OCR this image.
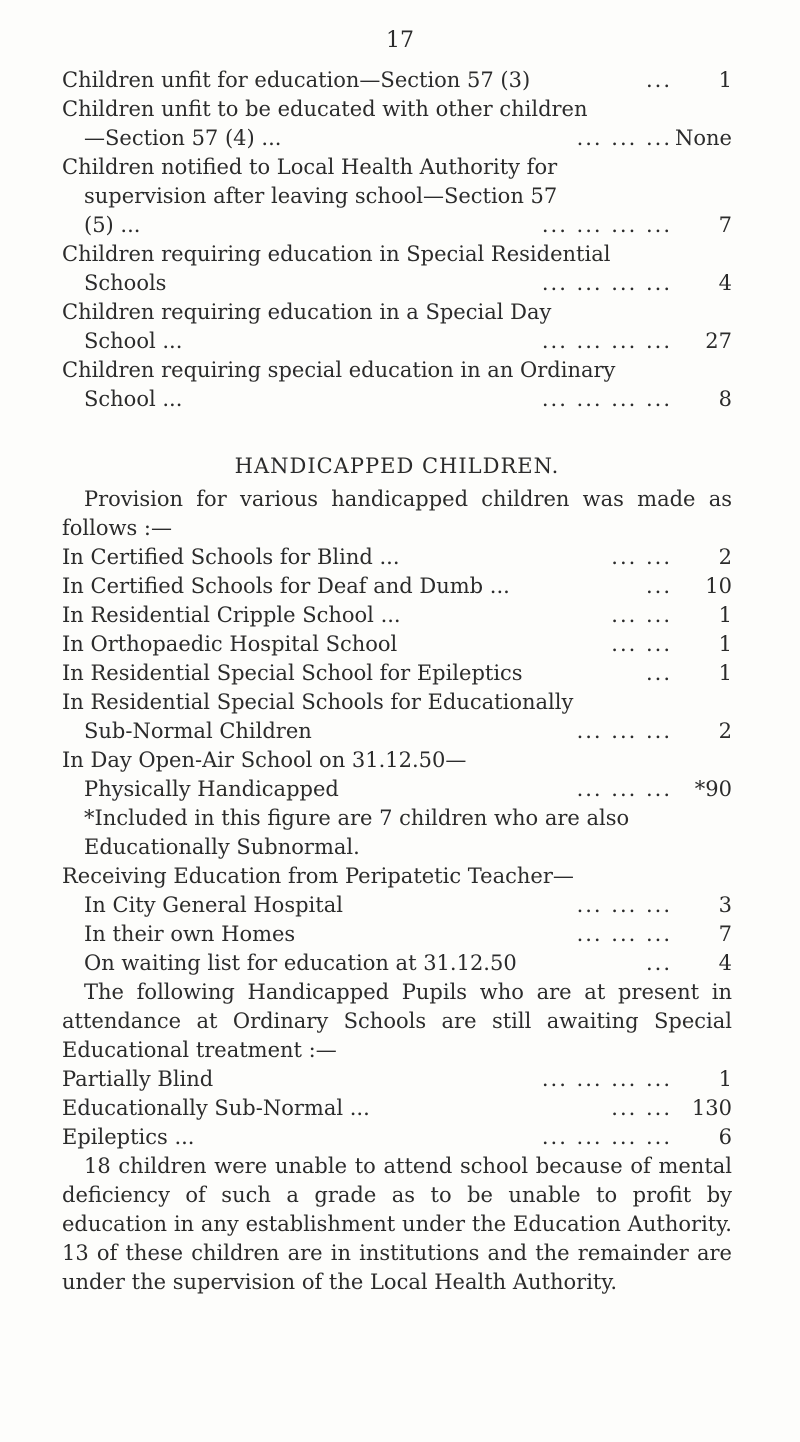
17
Children unfit for education—Section 57 (3)	...	1
Children unfit to be educated with other children
—Section 57 (4) ...	... ... ... None
Children notified to Local Health Authority for
supervision after leaving school—Section 57
(5) ...	... ... ... ...	7
Children requiring education in Special Residential
Schools	... ... ... ...	4
Children requiring education in a Special Day
School ...	... ... ... ...	27
Children requiring special education in an Ordinary
School ...	... ... ... ...	8
HANDICAPPED CHILDREN.
Provision for various handicapped children was made as follows :—
In Certified Schools for Blind ...	... ...	2
In Certified Schools for Deaf and Dumb ...	...	10
In Residential Cripple School ...	... ...	1
In Orthopaedic Hospital School	... ...	1
In Residential Special School for Epileptics	...	1
In Residential Special Schools for Educationally
Sub-Normal Children	... ... ...	2
In Day Open-Air School on 31.12.50—
Physically Handicapped	... ... ...	*90
*Included in this figure are 7 children who are also Educationally Subnormal.
Receiving Education from Peripatetic Teacher—
In City General Hospital	... ... ...	3
In their own Homes	... ... ...	7
On waiting list for education at 31.12.50	...	4
The following Handicapped Pupils who are at present in attendance at Ordinary Schools are still awaiting Special Educational treatment :—
Partially Blind	... ... ... ...	1
Educationally Sub-Normal ...	... ... 130
Epileptics ...	... ... ... ...	6
18 children were unable to attend school because of mental deficiency of such a grade as to be unable to profit by education in any establishment under the Education Authority. 13 of these children are in institutions and the remainder are under the supervision of the Local Health Authority.
